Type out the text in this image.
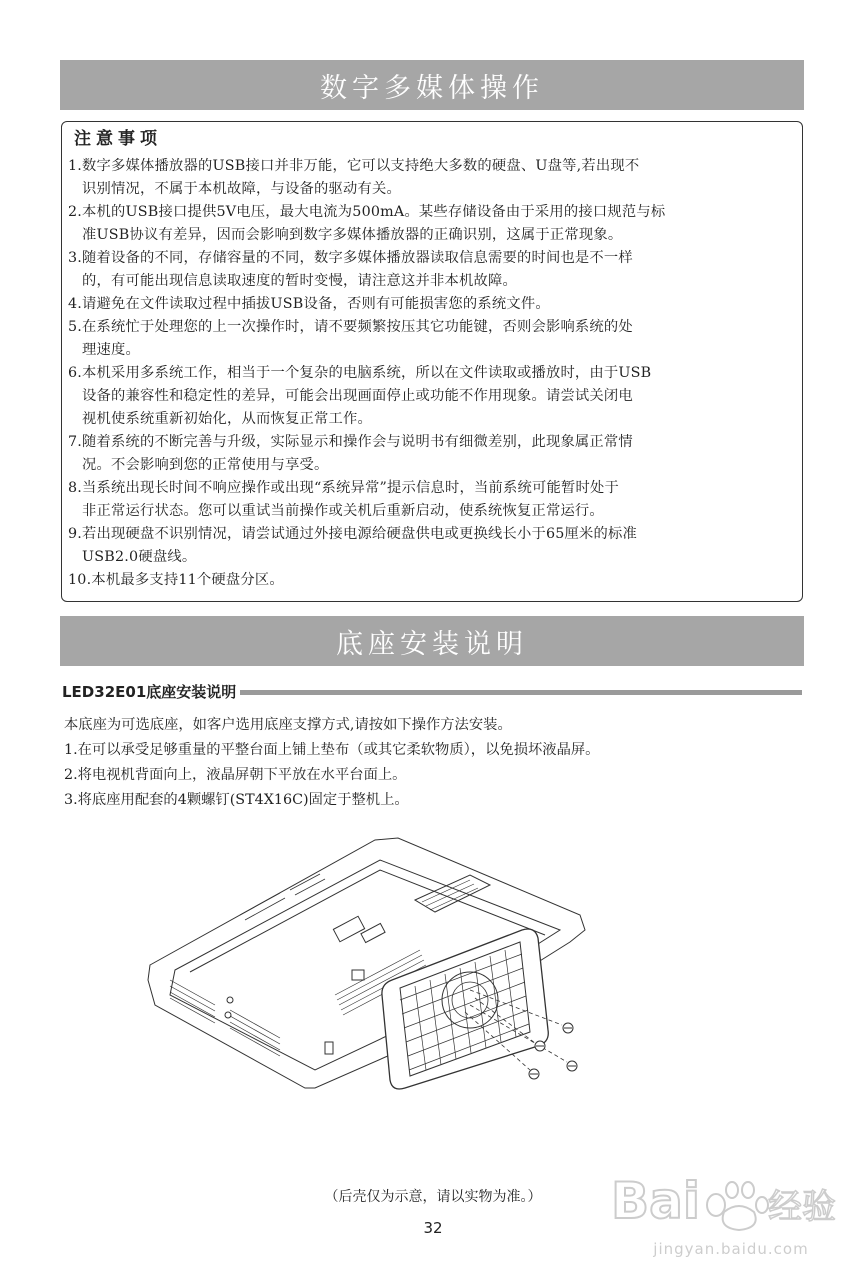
数字多媒体操作
注意事项
1. 数字多媒体播放器的USB接口并非万能，它可以支持绝大多数的硬盘、U盘等,若出现不
识别情况，不属于本机故障，与设备的驱动有关。
2. 本机的USB接口提供5V电压，最大电流为500mA。某些存储设备由于采用的接口规范与标
准USB协议有差异，因而会影响到数字多媒体播放器的正确识别，这属于正常现象。
3. 随着设备的不同，存储容量的不同，数字多媒体播放器读取信息需要的时间也是不一样
的，有可能出现信息读取速度的暂时变慢，请注意这并非本机故障。
4. 请避免在文件读取过程中插拔USB设备，否则有可能损害您的系统文件。
5. 在系统忙于处理您的上一次操作时，请不要频繁按压其它功能键，否则会影响系统的处
理速度。
6. 本机采用多系统工作，相当于一个复杂的电脑系统，所以在文件读取或播放时，由于USB
设备的兼容性和稳定性的差异，可能会出现画面停止或功能不作用现象。请尝试关闭电
视机使系统重新初始化，从而恢复正常工作。
7. 随着系统的不断完善与升级，实际显示和操作会与说明书有细微差别，此现象属正常情
况。不会影响到您的正常使用与享受。
8. 当系统出现长时间不响应操作或出现“系统异常”提示信息时，当前系统可能暂时处于
非正常运行状态。您可以重试当前操作或关机后重新启动，使系统恢复正常运行。
9. 若出现硬盘不识别情况，请尝试通过外接电源给硬盘供电或更换线长小于65厘米的标准
USB2.0硬盘线。
10. 本机最多支持11个硬盘分区。
底座安装说明
LED32E01底座安装说明
本底座为可选底座，如客户选用底座支撑方式,请按如下操作方法安装。
1.在可以承受足够重量的平整台面上铺上垫布（或其它柔软物质），以免损坏液晶屏。
2.将电视机背面向上，液晶屏朝下平放在水平台面上。
3.将底座用配套的4颗螺钉(ST4X16C)固定于整机上。
（后壳仅为示意，请以实物为准。）
32	Bai 经验
jingyan.baidu.com
